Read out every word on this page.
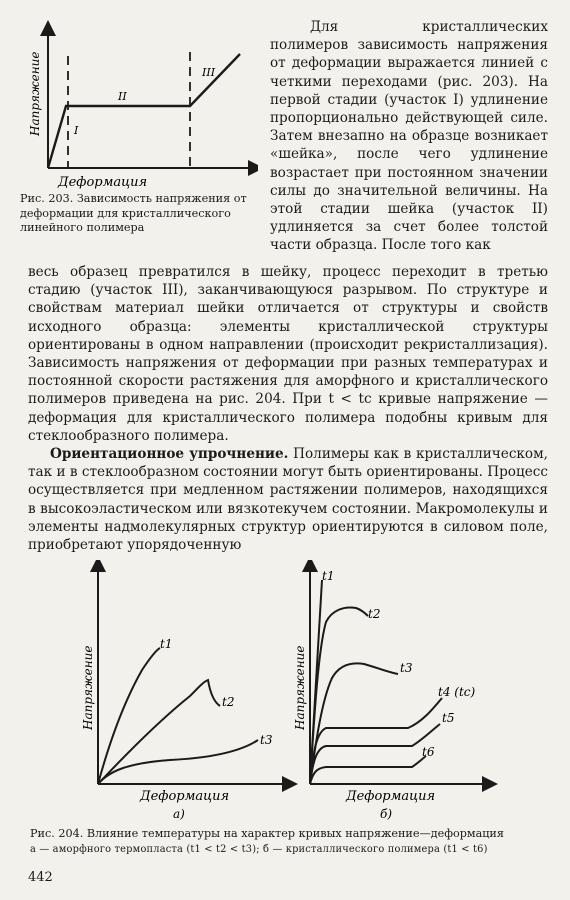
Напряжение
Деформация
I
II
III
Рис. 203. Зависимость напряжения от деформации для кристаллического линейного полимера

Для кристаллических полимеров зависимость напряжения от деформации выражается линией с четкими переходами (рис. 203). На первой стадии (участок I) удлинение пропорционально действующей силе. Затем внезапно на образце возникает «шейка», после чего удлинение возрастает при постоянном значении силы до значительной величины. На этой стадии шейка (участок II) удлиняется за счет более толстой части образца. После того как

весь образец превратился в шейку, процесс переходит в третью стадию (участок III), заканчивающуюся разрывом. По структуре и свойствам материал шейки отличается от структуры и свойств исходного образца: элементы кристаллической структуры ориентированы в одном направлении (происходит рекристаллизация). Зависимость напряжения от деформации при разных температурах и постоянной скорости растяжения для аморфного и кристаллического полимеров приведена на рис. 204. При t < tс кривые напряжение — деформация для кристаллического полимера подобны кривым для стеклообразного полимера.

Ориентационное упрочнение. Полимеры как в кристаллическом, так и в стеклообразном состоянии могут быть ориентированы. Процесс осуществляется при медленном растяжении полимеров, находящихся в высокоэластическом или вязкотекучем состоянии. Макромолекулы и элементы надмолекулярных структур ориентируются в силовом поле, приобретают упорядоченную

t1
t2
t3
Напряжение
Деформация
а)
t1
t2
t3
t4 (tc)
t5
t6
Напряжение
Деформация
б)
Рис. 204. Влияние температуры на характер кривых напряжение—деформация
а — аморфного термопласта (t1 < t2 < t3); б — кристаллического полимера (t1 < t6)
442
